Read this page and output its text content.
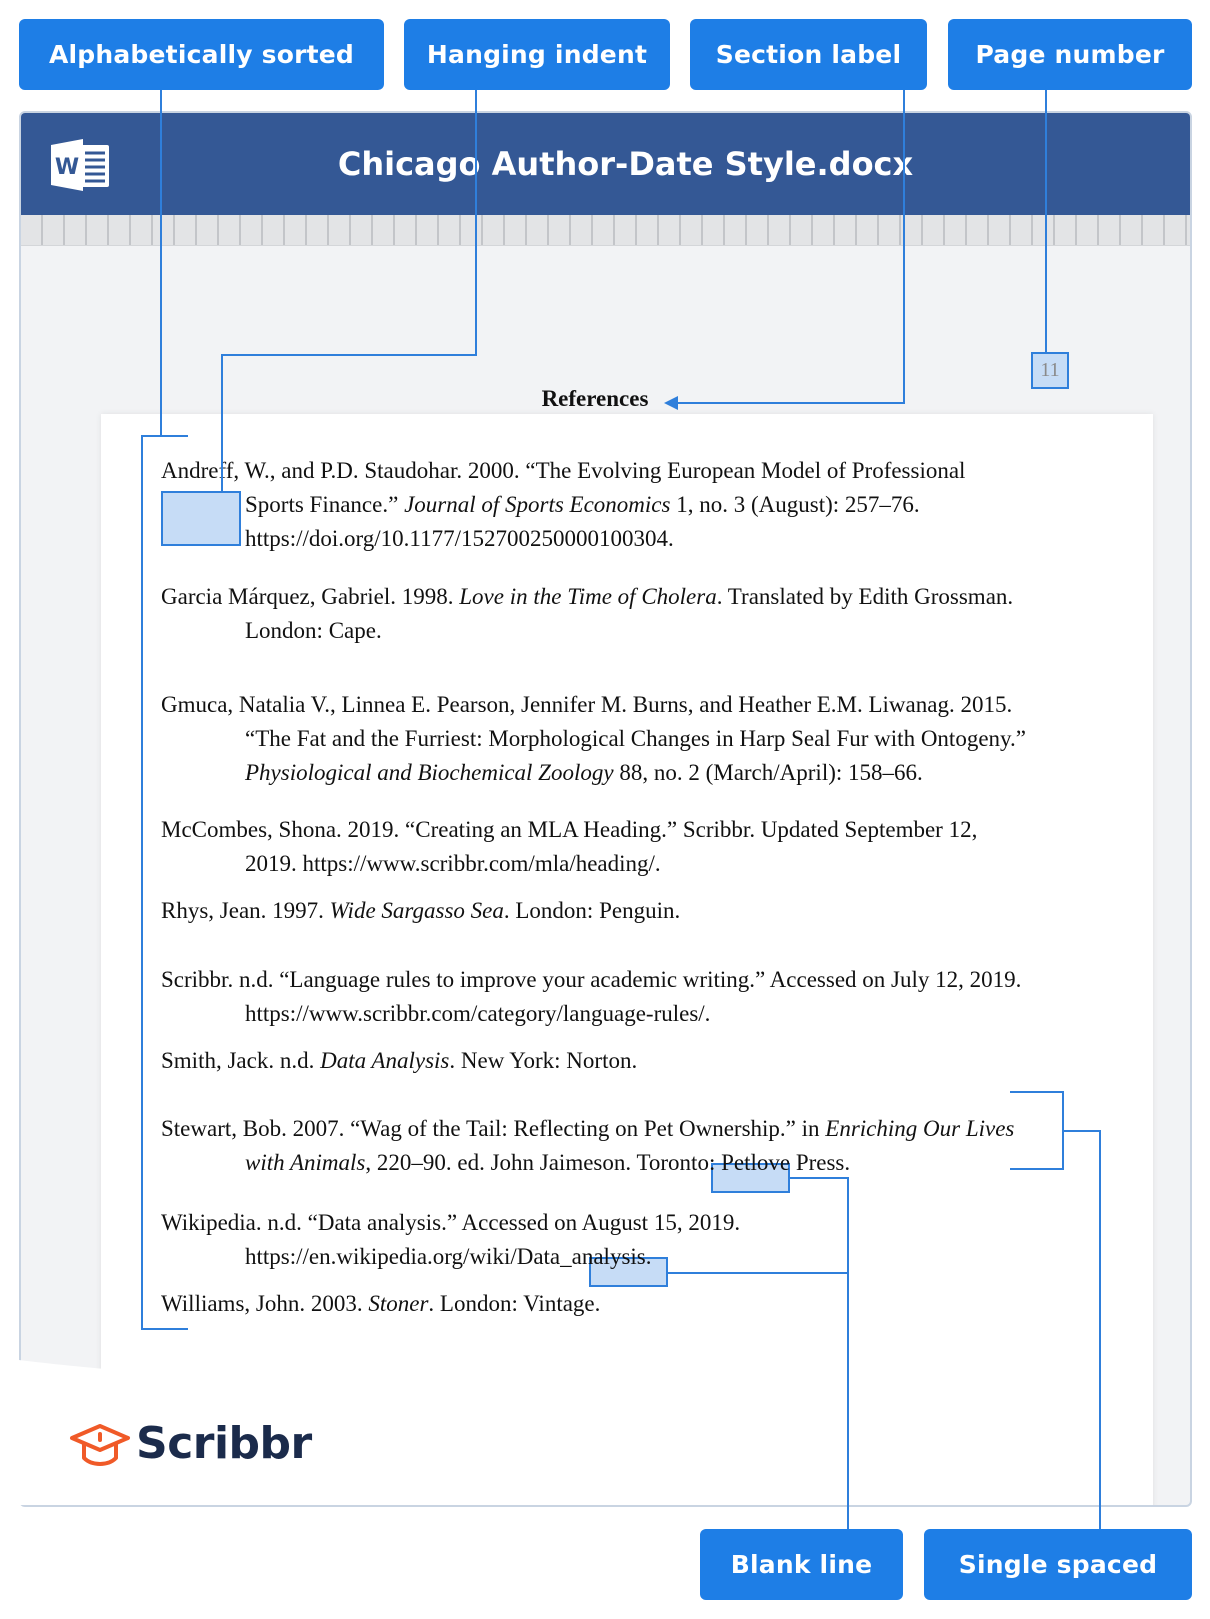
Alphabetically sorted	Hanging indent	Section label	Page number
W	Chicago Author-Date Style.docx
References
11
Andreff, W., and P.D. Staudohar. 2000. “The Evolving European Model of Professional
Sports Finance.” Journal of Sports Economics 1, no. 3 (August): 257–76.
https://doi.org/10.1177/152700250000100304.
Garcia Márquez, Gabriel. 1998. Love in the Time of Cholera. Translated by Edith Grossman.
London: Cape.
Gmuca, Natalia V., Linnea E. Pearson, Jennifer M. Burns, and Heather E.M. Liwanag. 2015.
“The Fat and the Furriest: Morphological Changes in Harp Seal Fur with Ontogeny.”
Physiological and Biochemical Zoology 88, no. 2 (March/April): 158–66.
McCombes, Shona. 2019. “Creating an MLA Heading.” Scribbr. Updated September 12,
2019. https://www.scribbr.com/mla/heading/.
Rhys, Jean. 1997. Wide Sargasso Sea. London: Penguin.
Scribbr. n.d. “Language rules to improve your academic writing.” Accessed on July 12, 2019.
https://www.scribbr.com/category/language-rules/.
Smith, Jack. n.d. Data Analysis. New York: Norton.
Stewart, Bob. 2007. “Wag of the Tail: Reflecting on Pet Ownership.” in Enriching Our Lives
with Animals, 220–90. ed. John Jaimeson. Toronto: Petlove Press.
Wikipedia. n.d. “Data analysis.” Accessed on August 15, 2019.
https://en.wikipedia.org/wiki/Data_analysis.
Williams, John. 2003. Stoner. London: Vintage.
Blank line	Single spaced
Scribbr
